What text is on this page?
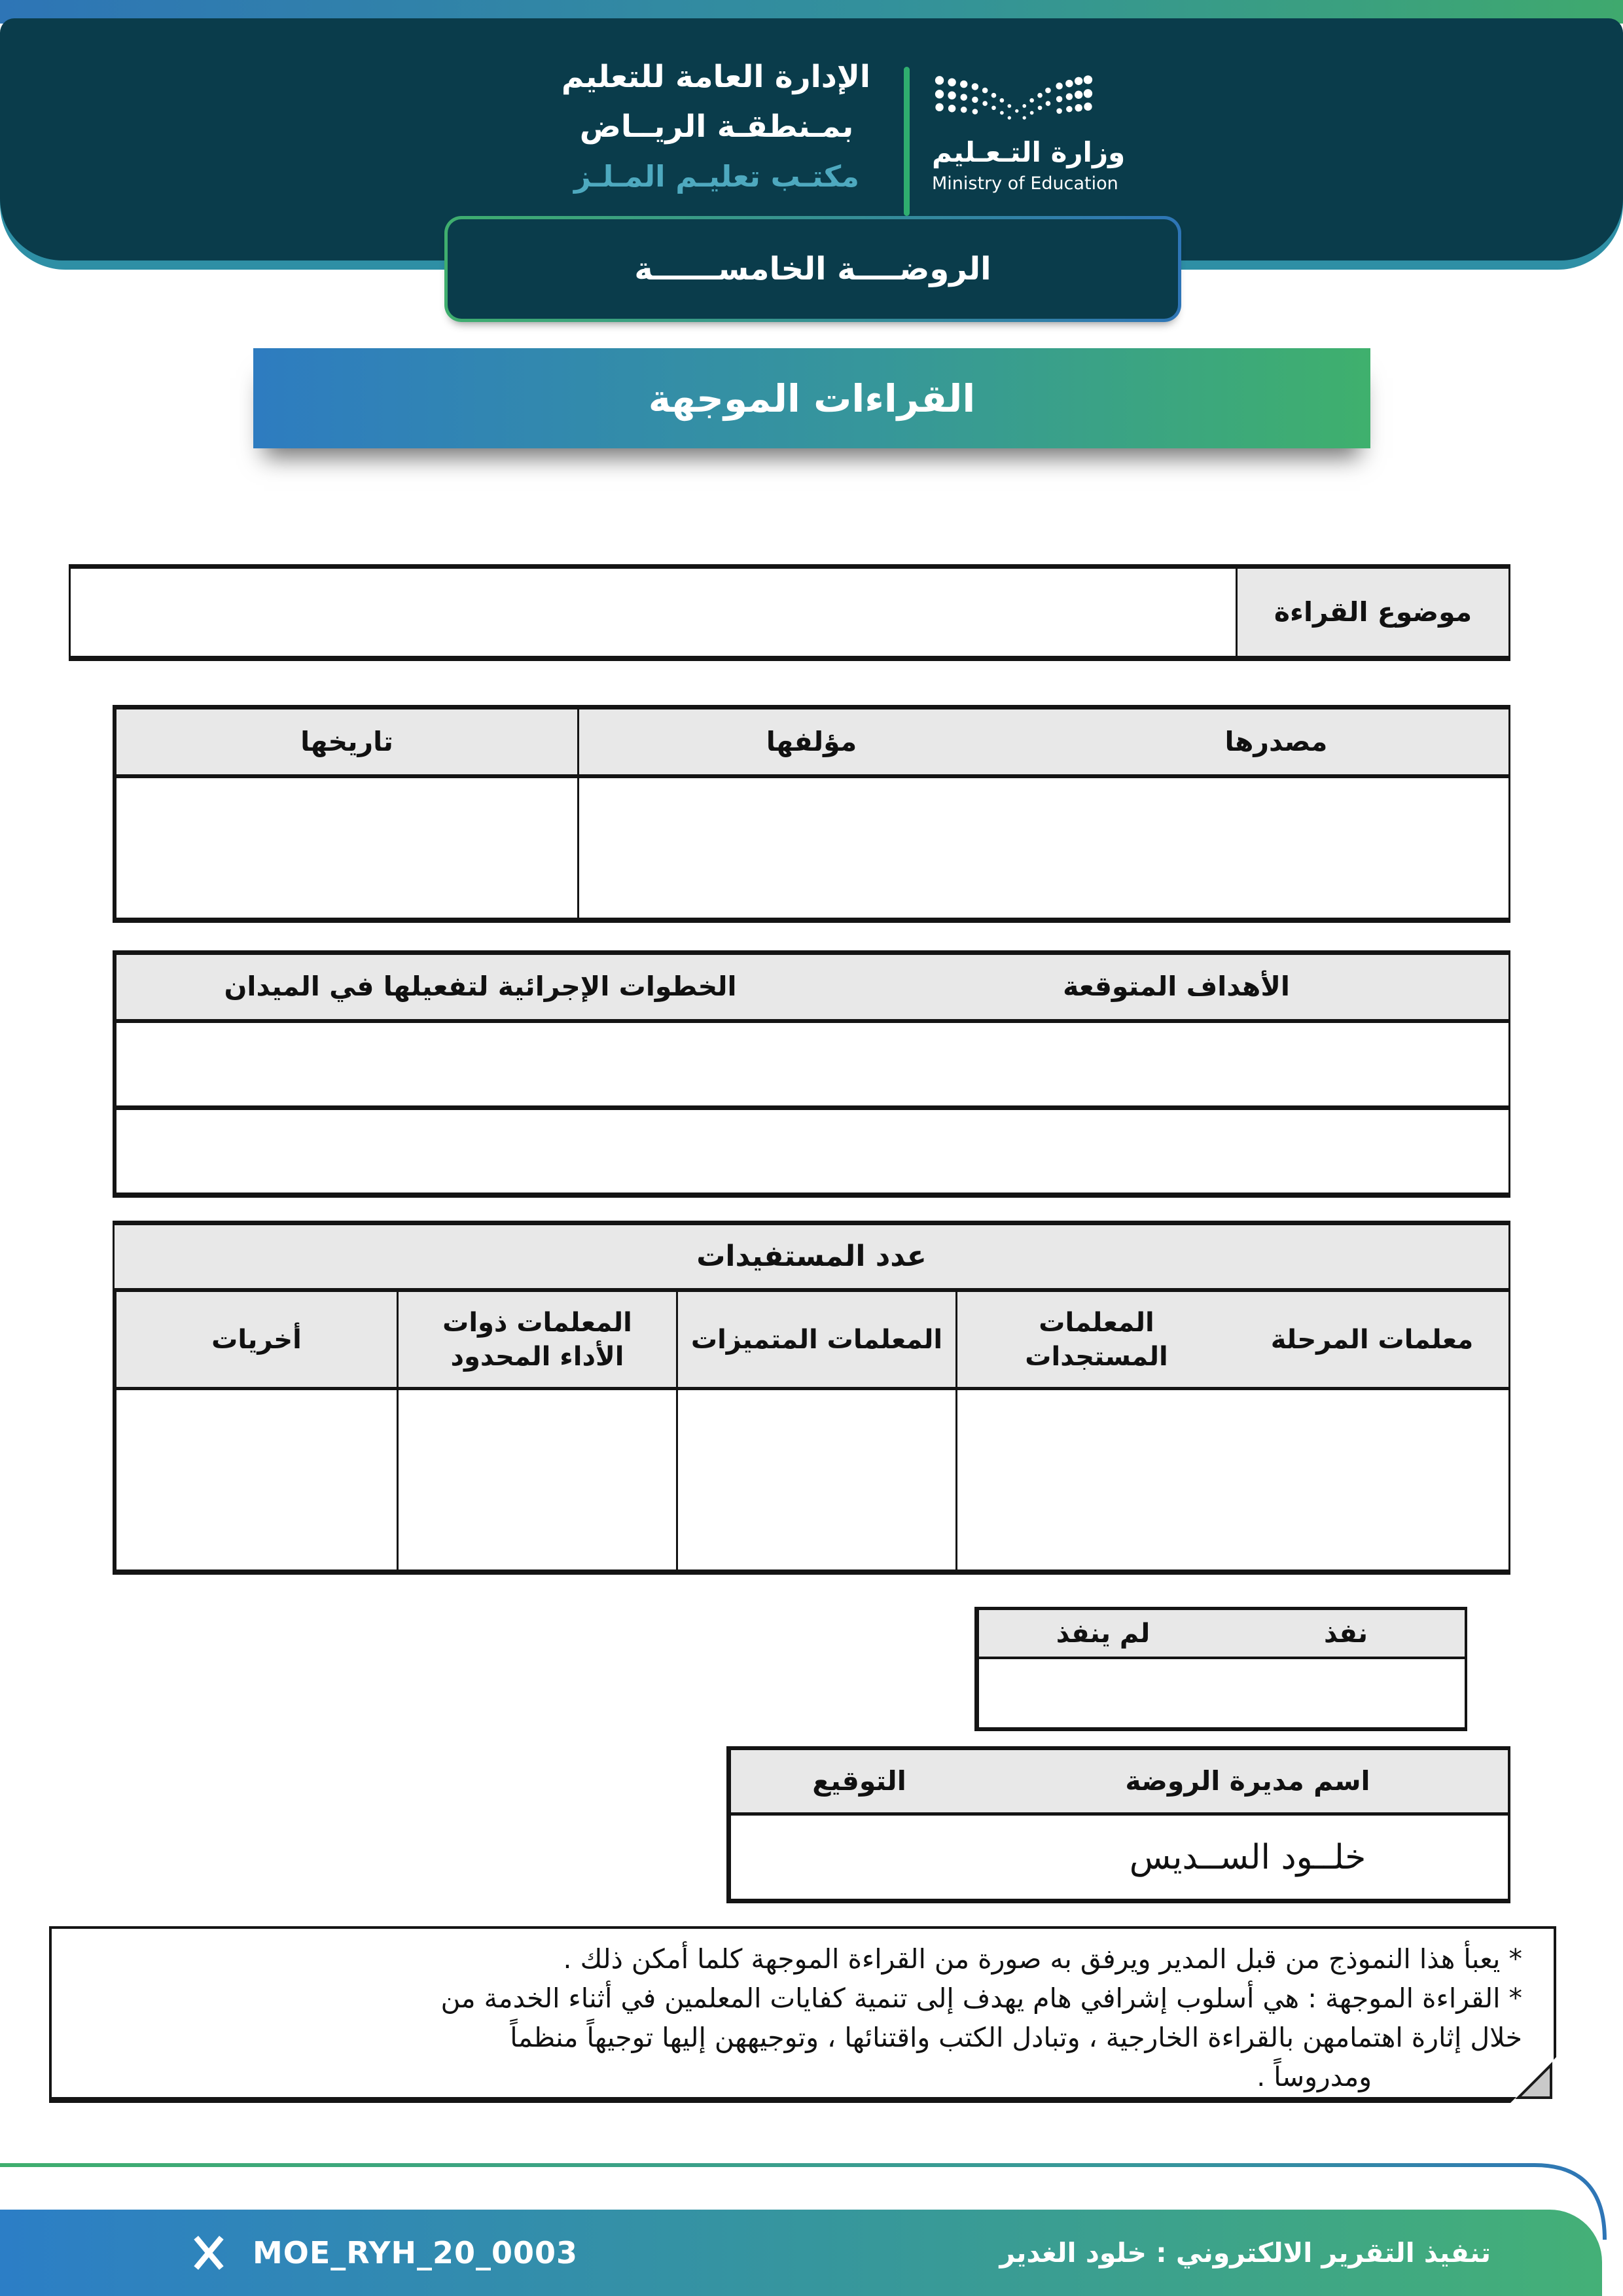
الإدارة العامة للتعليم
بمـنطقـة الريــاض
مكتـب تعليـم المـلـز
وزارة التـعـليم
Ministry of Education
الروضــــة الخامســــــة
القراءات الموجهة
موضوع القراءة
مصدرها
مؤلفها
تاريخها
الأهداف المتوقعة
الخطوات الإجرائية لتفعيلها في الميدان
عدد المستفيدات
معلمات المرحلة
المعلمات المستجدات
المعلمات المتميزات
المعلمات ذوات الأداء المحدود
أخريات
نفذ
لم ينفذ
اسم مديرة الروضة
التوقيع
خلــود الســديس
* يعبأ هذا النموذج من قبل المدير ويرفق به صورة من القراءة الموجهة كلما أمكن ذلك .
* القراءة الموجهة : هي أسلوب إشرافي هام يهدف إلى تنمية كفايات المعلمين في أثناء الخدمة من
خلال إثارة اهتمامهن بالقراءة الخارجية ، وتبادل الكتب واقتنائها ، وتوجيههن إليها توجيهاً منظماً
ومدروساً .
MOE_RYH_20_0003	تنفيذ التقرير الالكتروني : خلود الغدير
